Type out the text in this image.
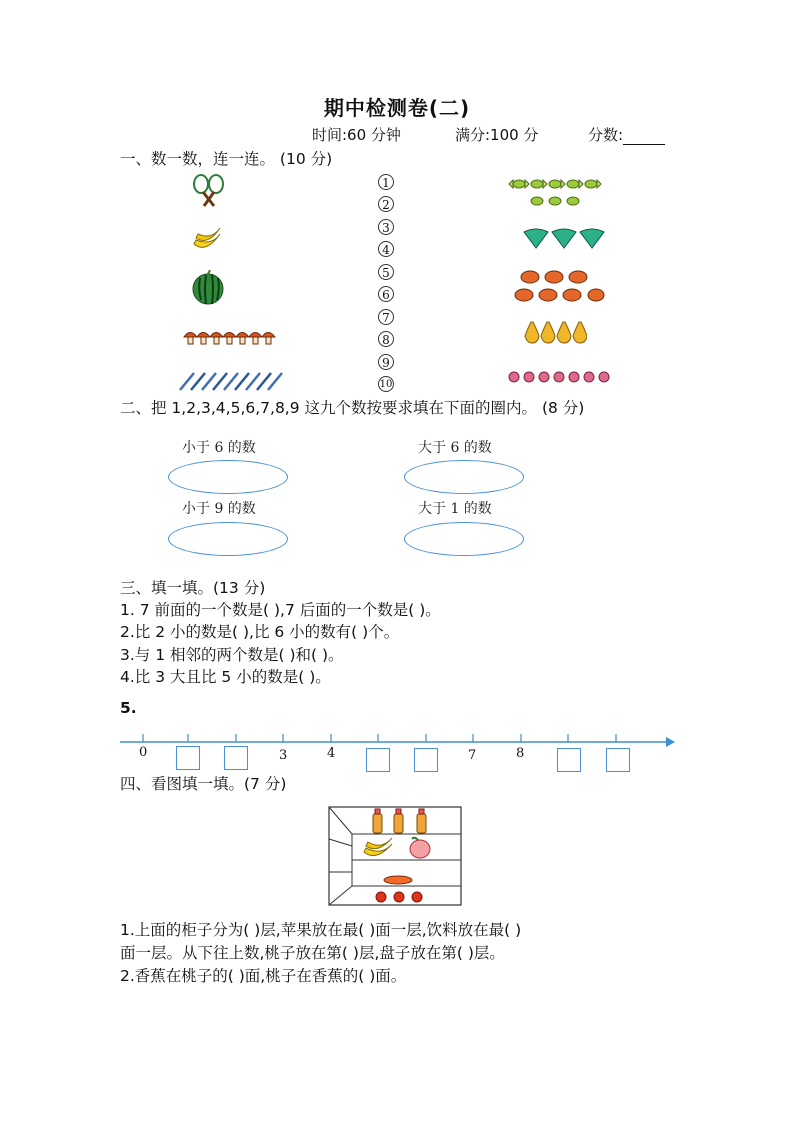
期中检测卷(二)
时间:60 分钟	满分:100 分	分数:
一、数一数，连一连。 (10 分)
1
2
3
4
5
6
7
8
9
10
二、把 1,2,3,4,5,6,7,8,9 这九个数按要求填在下面的圈内。 (8 分)
小于 6 的数	大于 6 的数
小于 9 的数	大于 1 的数
三、填一填。(13 分)
1. 7 前面的一个数是( ),7 后面的一个数是( )。
2.比 2 小的数是( ),比 6 小的数有( )个。
3.与 1 相邻的两个数是( )和( )。
4.比 3 大且比 5 小的数是( )。
5.
0	3	4	7	8
四、看图填一填。(7 分)
1.上面的柜子分为( )层,苹果放在最( )面一层,饮料放在最( )
面一层。从下往上数,桃子放在第( )层,盘子放在第( )层。
2.香蕉在桃子的( )面,桃子在香蕉的( )面。
